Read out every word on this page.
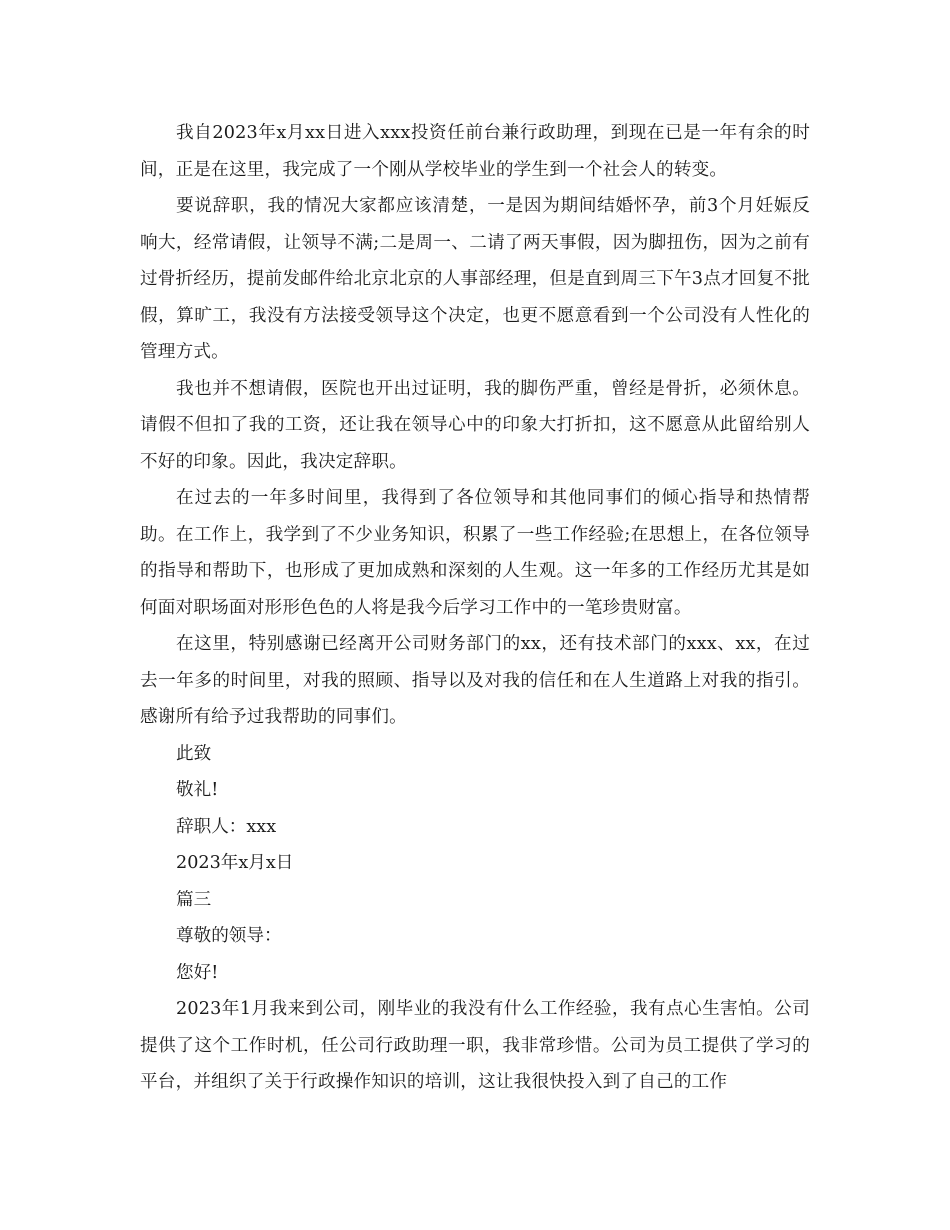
我自2023年x月xx日进入xxx投资任前台兼行政助理，到现在已是一年有余的时间，正是在这里，我完成了一个刚从学校毕业的学生到一个社会人的转变。

要说辞职，我的情况大家都应该清楚，一是因为期间结婚怀孕，前3个月妊娠反响大，经常请假，让领导不满;二是周一、二请了两天事假，因为脚扭伤，因为之前有过骨折经历，提前发邮件给北京北京的人事部经理，但是直到周三下午3点才回复不批假，算旷工，我没有方法接受领导这个决定，也更不愿意看到一个公司没有人性化的管理方式。

我也并不想请假，医院也开出过证明，我的脚伤严重，曾经是骨折，必须休息。请假不但扣了我的工资，还让我在领导心中的印象大打折扣，这不愿意从此留给别人不好的印象。因此，我决定辞职。

在过去的一年多时间里，我得到了各位领导和其他同事们的倾心指导和热情帮助。在工作上，我学到了不少业务知识，积累了一些工作经验;在思想上，在各位领导的指导和帮助下，也形成了更加成熟和深刻的人生观。这一年多的工作经历尤其是如何面对职场面对形形色色的人将是我今后学习工作中的一笔珍贵财富。

在这里，特别感谢已经离开公司财务部门的xx，还有技术部门的xxx、xx，在过去一年多的时间里，对我的照顾、指导以及对我的信任和在人生道路上对我的指引。感谢所有给予过我帮助的同事们。

此致

敬礼!

辞职人：xxx

2023年x月x日

篇三

尊敬的领导：

您好!

2023年1月我来到公司，刚毕业的我没有什么工作经验，我有点心生害怕。公司提供了这个工作时机，任公司行政助理一职，我非常珍惜。公司为员工提供了学习的平台，并组织了关于行政操作知识的培训，这让我很快投入到了自己的工作
